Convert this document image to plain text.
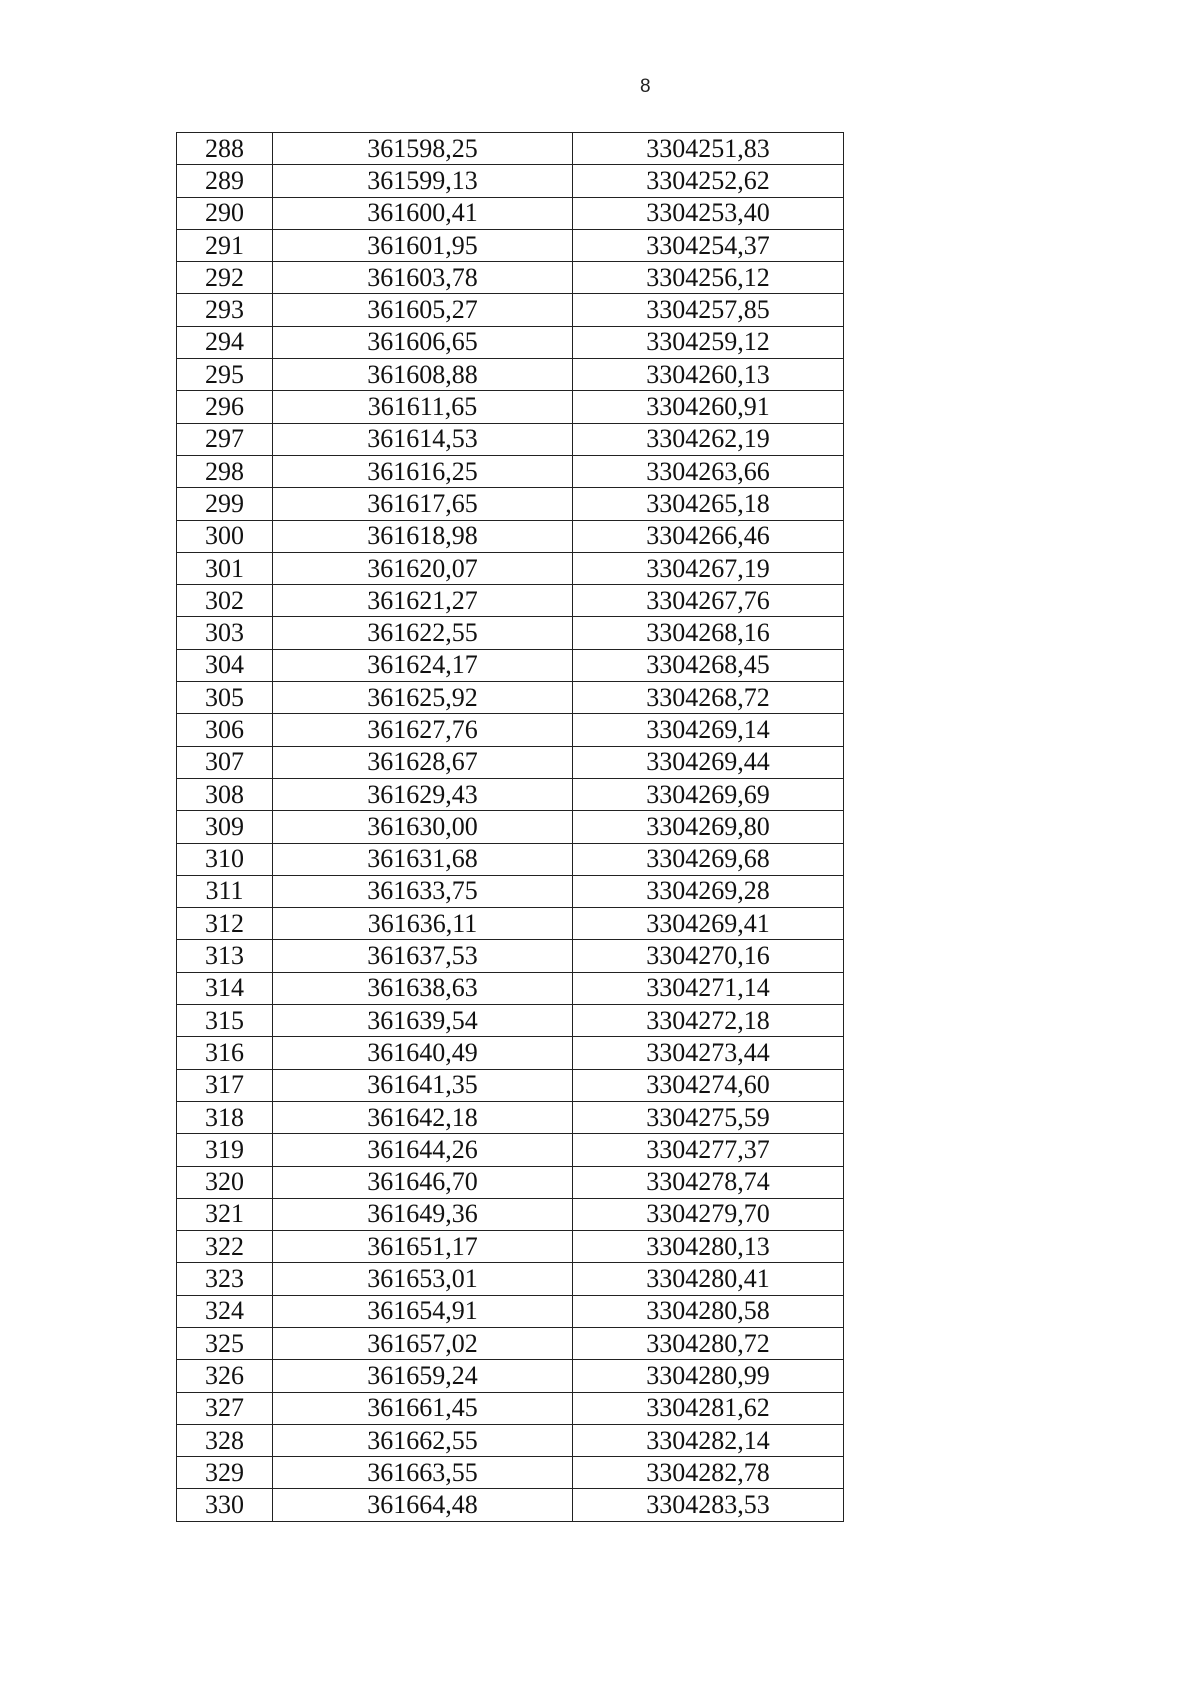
8
288	361598,25	3304251,83
289	361599,13	3304252,62
290	361600,41	3304253,40
291	361601,95	3304254,37
292	361603,78	3304256,12
293	361605,27	3304257,85
294	361606,65	3304259,12
295	361608,88	3304260,13
296	361611,65	3304260,91
297	361614,53	3304262,19
298	361616,25	3304263,66
299	361617,65	3304265,18
300	361618,98	3304266,46
301	361620,07	3304267,19
302	361621,27	3304267,76
303	361622,55	3304268,16
304	361624,17	3304268,45
305	361625,92	3304268,72
306	361627,76	3304269,14
307	361628,67	3304269,44
308	361629,43	3304269,69
309	361630,00	3304269,80
310	361631,68	3304269,68
311	361633,75	3304269,28
312	361636,11	3304269,41
313	361637,53	3304270,16
314	361638,63	3304271,14
315	361639,54	3304272,18
316	361640,49	3304273,44
317	361641,35	3304274,60
318	361642,18	3304275,59
319	361644,26	3304277,37
320	361646,70	3304278,74
321	361649,36	3304279,70
322	361651,17	3304280,13
323	361653,01	3304280,41
324	361654,91	3304280,58
325	361657,02	3304280,72
326	361659,24	3304280,99
327	361661,45	3304281,62
328	361662,55	3304282,14
329	361663,55	3304282,78
330	361664,48	3304283,53
